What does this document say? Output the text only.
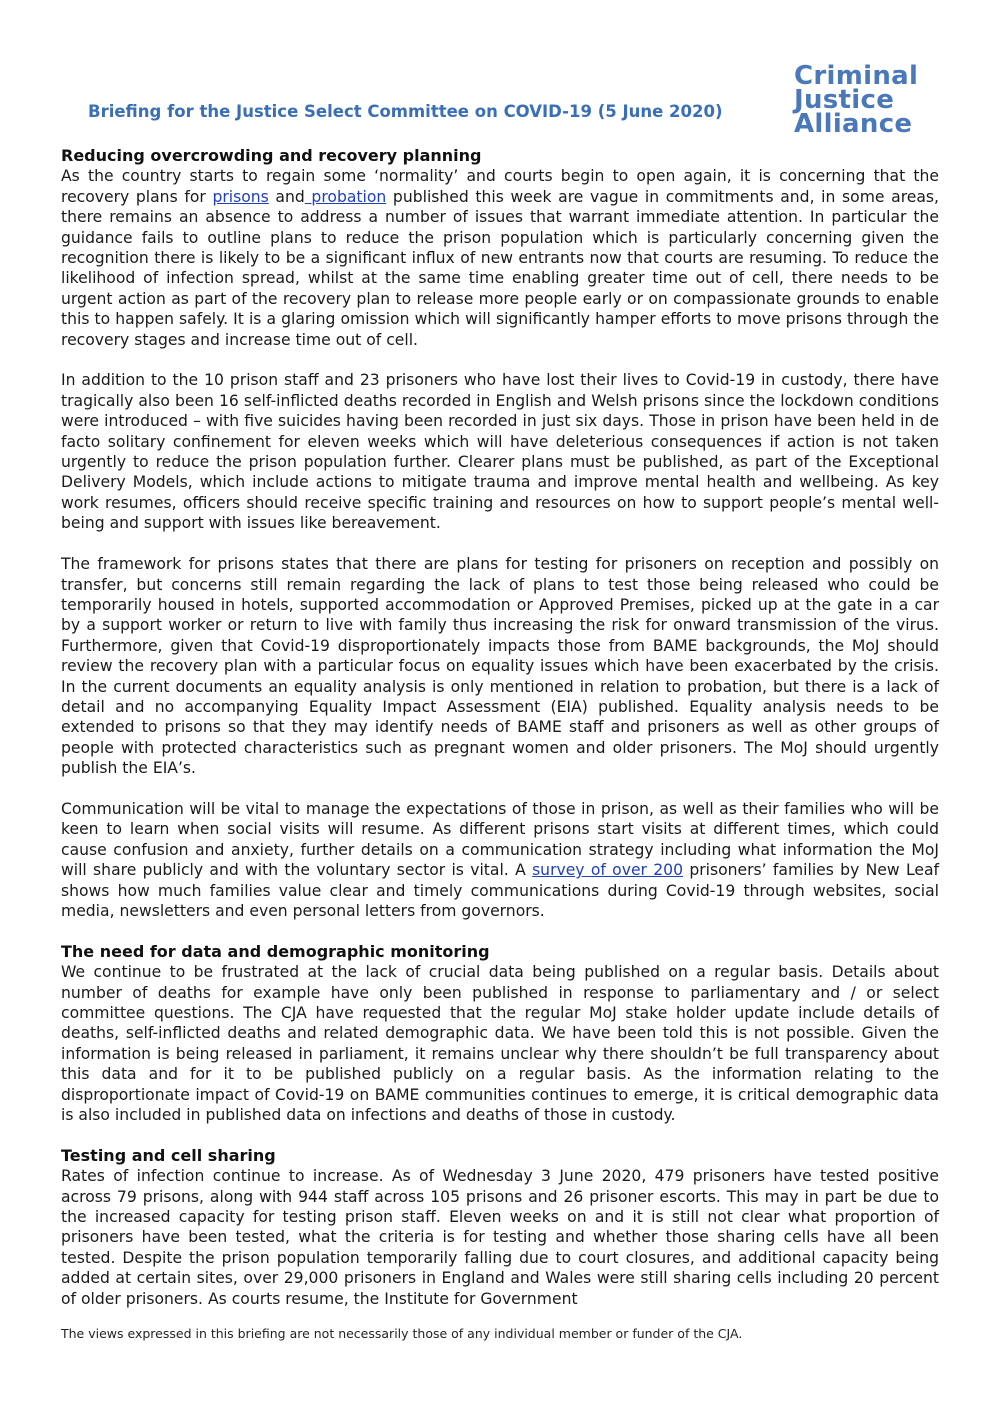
Briefing for the Justice Select Committee on COVID-19 (5 June 2020)
Criminal
Justice
Alliance
Reducing overcrowding and recovery planning

As the country starts to regain some ‘normality’ and courts begin to open again, it is concerning that the recovery plans for prisons and probation published this week are vague in commitments and, in some areas, there remains an absence to address a number of issues that warrant immediate attention. In particular the guidance fails to outline plans to reduce the prison population which is particularly concerning given the recognition there is likely to be a significant influx of new entrants now that courts are resuming. To reduce the likelihood of infection spread, whilst at the same time enabling greater time out of cell, there needs to be urgent action as part of the recovery plan to release more people early or on compassionate grounds to enable this to happen safely. It is a glaring omission which will significantly hamper efforts to move prisons through the recovery stages and increase time out of cell.

In addition to the 10 prison staff and 23 prisoners who have lost their lives to Covid-19 in custody, there have tragically also been 16 self-inflicted deaths recorded in English and Welsh prisons since the lockdown conditions were introduced – with five suicides having been recorded in just six days. Those in prison have been held in de facto solitary confinement for eleven weeks which will have deleterious consequences if action is not taken urgently to reduce the prison population further. Clearer plans must be published, as part of the Exceptional Delivery Models, which include actions to mitigate trauma and improve mental health and wellbeing. As key work resumes, officers should receive specific training and resources on how to support people’s mental well-being and support with issues like bereavement.

The framework for prisons states that there are plans for testing for prisoners on reception and possibly on transfer, but concerns still remain regarding the lack of plans to test those being released who could be temporarily housed in hotels, supported accommodation or Approved Premises, picked up at the gate in a car by a support worker or return to live with family thus increasing the risk for onward transmission of the virus. Furthermore, given that Covid-19 disproportionately impacts those from BAME backgrounds, the MoJ should review the recovery plan with a particular focus on equality issues which have been exacerbated by the crisis. In the current documents an equality analysis is only mentioned in relation to probation, but there is a lack of detail and no accompanying Equality Impact Assessment (EIA) published. Equality analysis needs to be extended to prisons so that they may identify needs of BAME staff and prisoners as well as other groups of people with protected characteristics such as pregnant women and older prisoners. The MoJ should urgently publish the EIA’s.

Communication will be vital to manage the expectations of those in prison, as well as their families who will be keen to learn when social visits will resume. As different prisons start visits at different times, which could cause confusion and anxiety, further details on a communication strategy including what information the MoJ will share publicly and with the voluntary sector is vital. A survey of over 200 prisoners’ families by New Leaf shows how much families value clear and timely communications during Covid-19 through websites, social media, newsletters and even personal letters from governors.

The need for data and demographic monitoring

We continue to be frustrated at the lack of crucial data being published on a regular basis. Details about number of deaths for example have only been published in response to parliamentary and / or select committee questions. The CJA have requested that the regular MoJ stake holder update include details of deaths, self-inflicted deaths and related demographic data. We have been told this is not possible. Given the information is being released in parliament, it remains unclear why there shouldn’t be full transparency about this data and for it to be published publicly on a regular basis. As the information relating to the disproportionate impact of Covid-19 on BAME communities continues to emerge, it is critical demographic data is also included in published data on infections and deaths of those in custody.

Testing and cell sharing

Rates of infection continue to increase. As of Wednesday 3 June 2020, 479 prisoners have tested positive across 79 prisons, along with 944 staff across 105 prisons and 26 prisoner escorts. This may in part be due to the increased capacity for testing prison staff. Eleven weeks on and it is still not clear what proportion of prisoners have been tested, what the criteria is for testing and whether those sharing cells have all been tested. Despite the prison population temporarily falling due to court closures, and additional capacity being added at certain sites, over 29,000 prisoners in England and Wales were still sharing cells including 20 percent of older prisoners. As courts resume, the Institute for Government

The views expressed in this briefing are not necessarily those of any individual member or funder of the CJA.
